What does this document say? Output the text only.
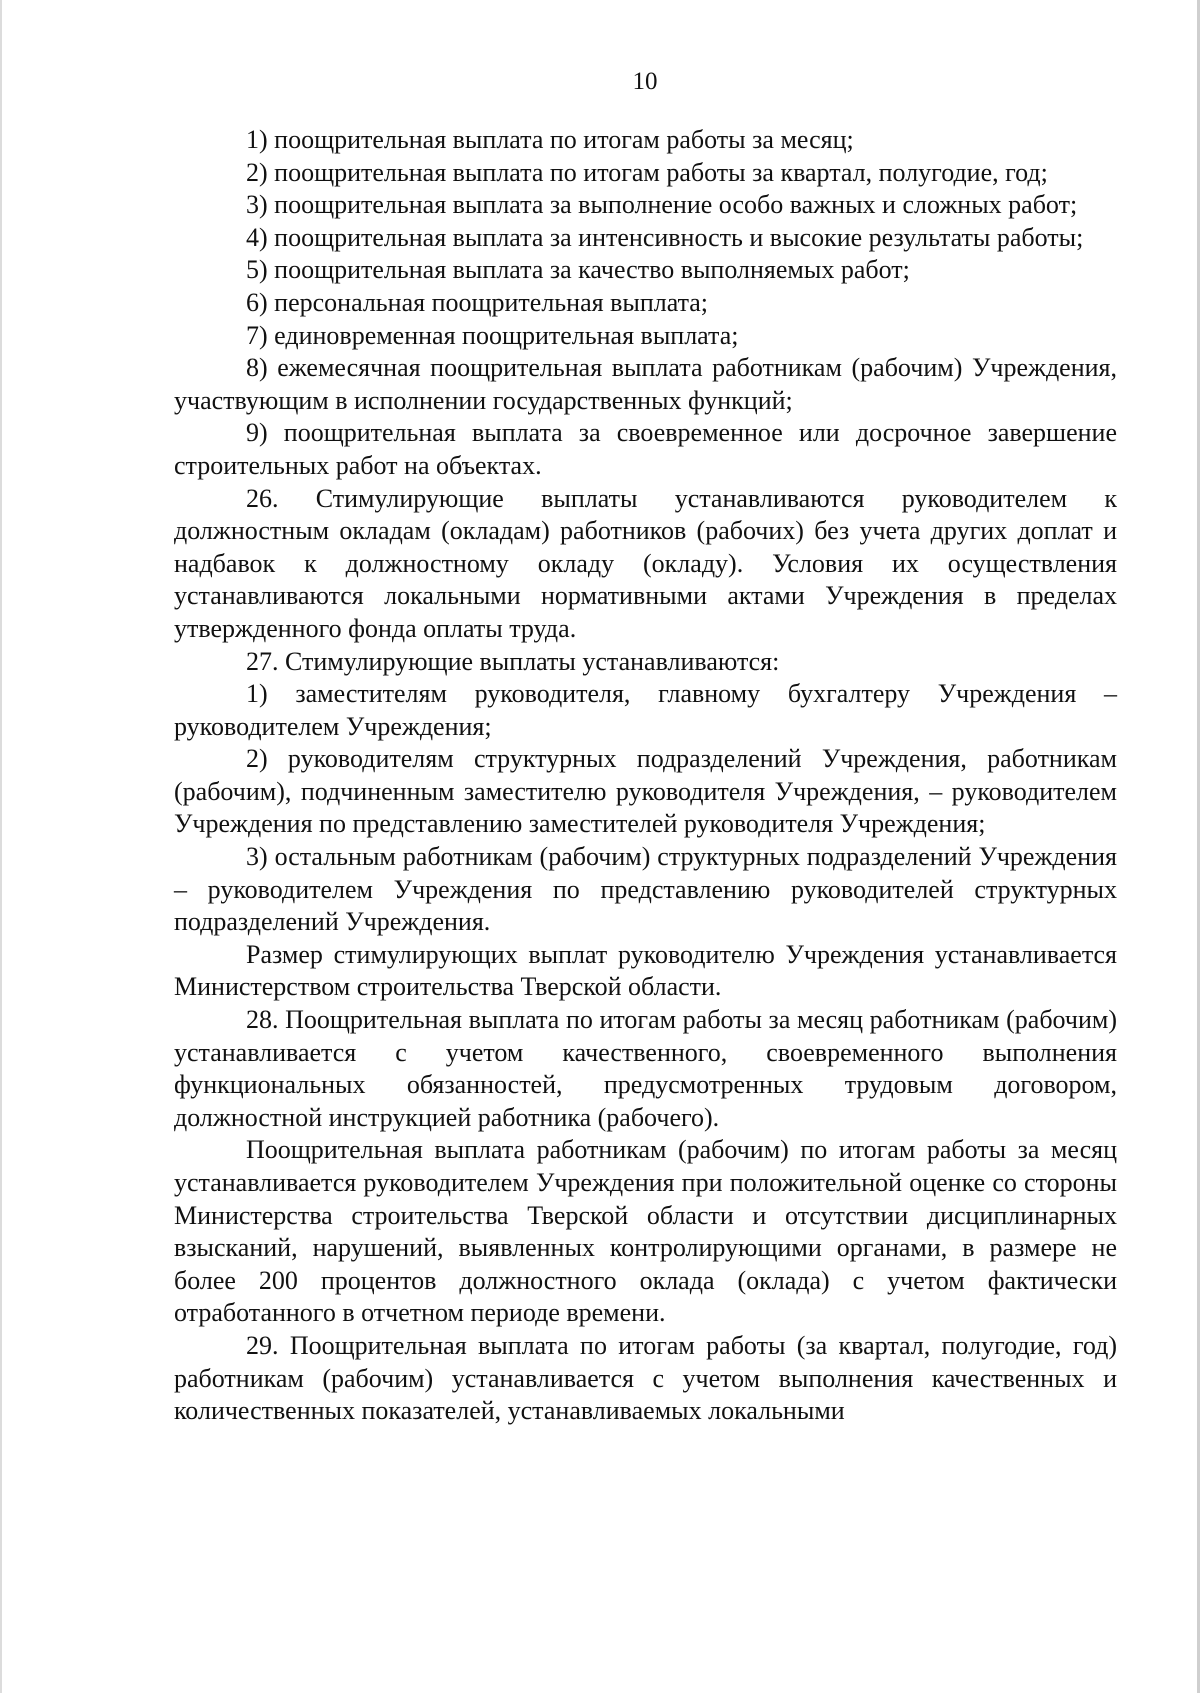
10

1) поощрительная выплата по итогам работы за месяц;

2) поощрительная выплата по итогам работы за квартал, полугодие, год;

3) поощрительная выплата за выполнение особо важных и сложных работ;

4) поощрительная выплата за интенсивность и высокие результаты работы;

5) поощрительная выплата за качество выполняемых работ;

6) персональная поощрительная выплата;

7) единовременная поощрительная выплата;

8) ежемесячная поощрительная выплата работникам (рабочим) Учреждения, участвующим в исполнении государственных функций;

9) поощрительная выплата за своевременное или досрочное завершение строительных работ на объектах.

26. Стимулирующие выплаты устанавливаются руководителем к должностным окладам (окладам) работников (рабочих) без учета других доплат и надбавок к должностному окладу (окладу). Условия их осуществления устанавливаются локальными нормативными актами Учреждения в пределах утвержденного фонда оплаты труда.

27. Стимулирующие выплаты устанавливаются:

1) заместителям руководителя, главному бухгалтеру Учреждения – руководителем Учреждения;

2) руководителям структурных подразделений Учреждения, работникам (рабочим), подчиненным заместителю руководителя Учреждения, – руководителем Учреждения по представлению заместителей руководителя Учреждения;

3) остальным работникам (рабочим) структурных подразделений Учреждения – руководителем Учреждения по представлению руководителей структурных подразделений Учреждения.

Размер стимулирующих выплат руководителю Учреждения устанавливается Министерством строительства Тверской области.

28. Поощрительная выплата по итогам работы за месяц работникам (рабочим) устанавливается с учетом качественного, своевременного выполнения функциональных обязанностей, предусмотренных трудовым договором, должностной инструкцией работника (рабочего).

Поощрительная выплата работникам (рабочим) по итогам работы за месяц устанавливается руководителем Учреждения при положительной оценке со стороны Министерства строительства Тверской области и отсутствии дисциплинарных взысканий, нарушений, выявленных контролирующими органами, в размере не более 200 процентов должностного оклада (оклада) с учетом фактически отработанного в отчетном периоде времени.

29. Поощрительная выплата по итогам работы (за квартал, полугодие, год) работникам (рабочим) устанавливается с учетом выполнения качественных и количественных показателей, устанавливаемых локальными
